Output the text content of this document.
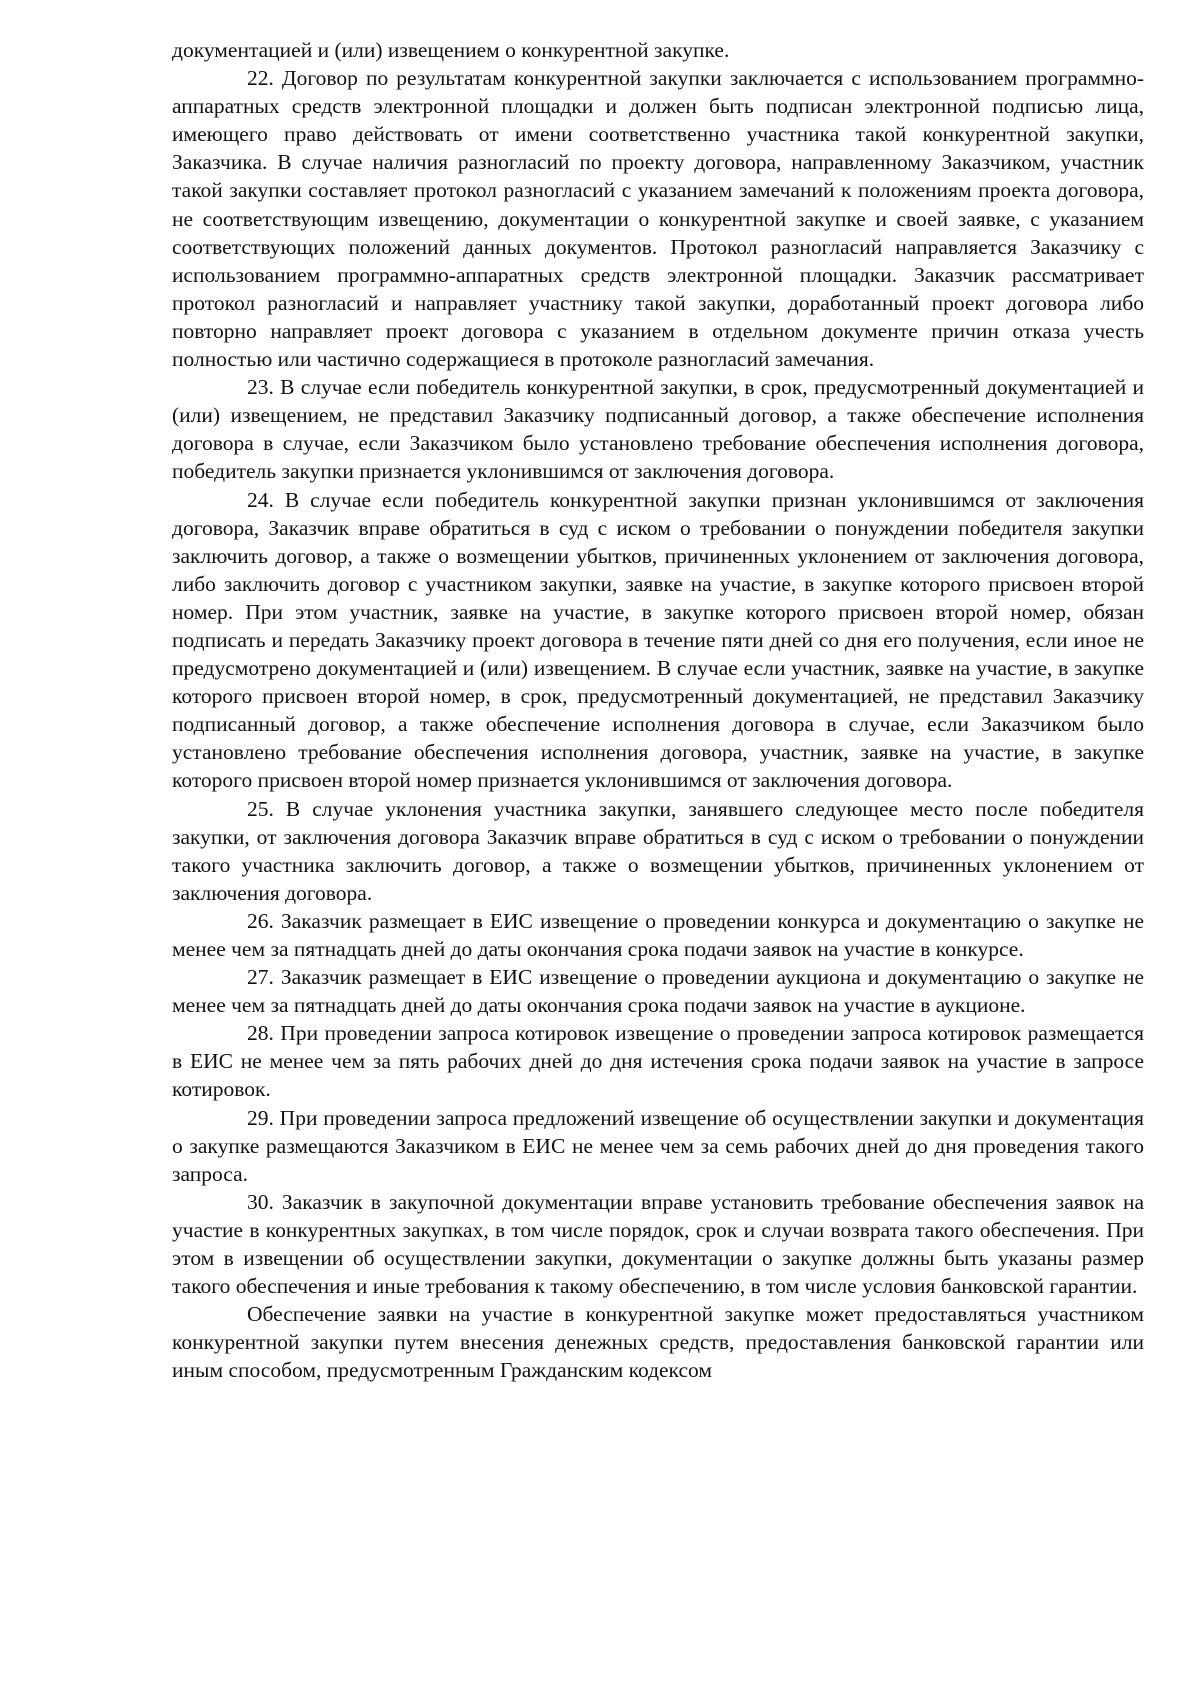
документацией и (или) извещением о конкурентной закупке.

22. Договор по результатам конкурентной закупки заключается с использованием программно-аппаратных средств электронной площадки и должен быть подписан электронной подписью лица, имеющего право действовать от имени соответственно участника такой конкурентной закупки, Заказчика. В случае наличия разногласий по проекту договора, направленному Заказчиком, участник такой закупки составляет протокол разногласий с указанием замечаний к положениям проекта договора, не соответствующим извещению, документации о конкурентной закупке и своей заявке, с указанием соответствующих положений данных документов. Протокол разногласий направляется Заказчику с использованием программно-аппаратных средств электронной площадки. Заказчик рассматривает протокол разногласий и направляет участнику такой закупки, доработанный проект договора либо повторно направляет проект договора с указанием в отдельном документе причин отказа учесть полностью или частично содержащиеся в протоколе разногласий замечания.

23. В случае если победитель конкурентной закупки, в срок, предусмотренный документацией и (или) извещением, не представил Заказчику подписанный договор, а также обеспечение исполнения договора в случае, если Заказчиком было установлено требование обеспечения исполнения договора, победитель закупки признается уклонившимся от заключения договора.

24. В случае если победитель конкурентной закупки признан уклонившимся от заключения договора, Заказчик вправе обратиться в суд с иском о требовании о понуждении победителя закупки заключить договор, а также о возмещении убытков, причиненных уклонением от заключения договора, либо заключить договор с участником закупки, заявке на участие, в закупке которого присвоен второй номер. При этом участник, заявке на участие, в закупке которого присвоен второй номер, обязан подписать и передать Заказчику проект договора в течение пяти дней со дня его получения, если иное не предусмотрено документацией и (или) извещением. В случае если участник, заявке на участие, в закупке которого присвоен второй номер, в срок, предусмотренный документацией, не представил Заказчику подписанный договор, а также обеспечение исполнения договора в случае, если Заказчиком было установлено требование обеспечения исполнения договора, участник, заявке на участие, в закупке которого присвоен второй номер признается уклонившимся от заключения договора.

25. В случае уклонения участника закупки, занявшего следующее место после победителя закупки, от заключения договора Заказчик вправе обратиться в суд с иском о требовании о понуждении такого участника заключить договор, а также о возмещении убытков, причиненных уклонением от заключения договора.

26. Заказчик размещает в ЕИС извещение о проведении конкурса и документацию о закупке не менее чем за пятнадцать дней до даты окончания срока подачи заявок на участие в конкурсе.

27. Заказчик размещает в ЕИС извещение о проведении аукциона и документацию о закупке не менее чем за пятнадцать дней до даты окончания срока подачи заявок на участие в аукционе.

28. При проведении запроса котировок извещение о проведении запроса котировок размещается в ЕИС не менее чем за пять рабочих дней до дня истечения срока подачи заявок на участие в запросе котировок.

29. При проведении запроса предложений извещение об осуществлении закупки и документация о закупке размещаются Заказчиком в ЕИС не менее чем за семь рабочих дней до дня проведения такого запроса.

30. Заказчик в закупочной документации вправе установить требование обеспечения заявок на участие в конкурентных закупках, в том числе порядок, срок и случаи возврата такого обеспечения. При этом в извещении об осуществлении закупки, документации о закупке должны быть указаны размер такого обеспечения и иные требования к такому обеспечению, в том числе условия банковской гарантии.

Обеспечение заявки на участие в конкурентной закупке может предоставляться участником конкурентной закупки путем внесения денежных средств, предоставления банковской гарантии или иным способом, предусмотренным Гражданским кодексом
